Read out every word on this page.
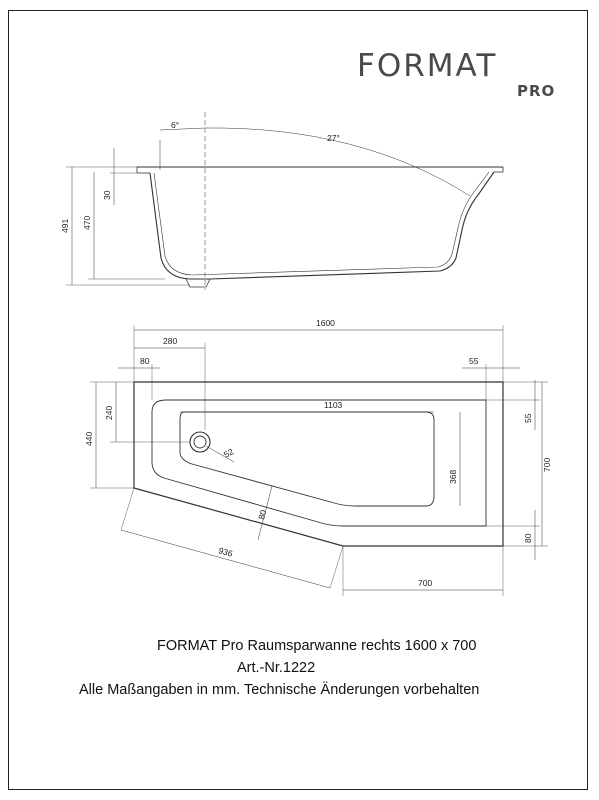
FORMAT
PRO
6°
27°
491 470
30
1600
280
80	55
1103
55
240
440
52
368
700
80
80
936
700
FORMAT Pro Raumsparwanne rechts 1600 x 700
Art.-Nr.1222
Alle Maßangaben in mm. Technische Änderungen vorbehalten
